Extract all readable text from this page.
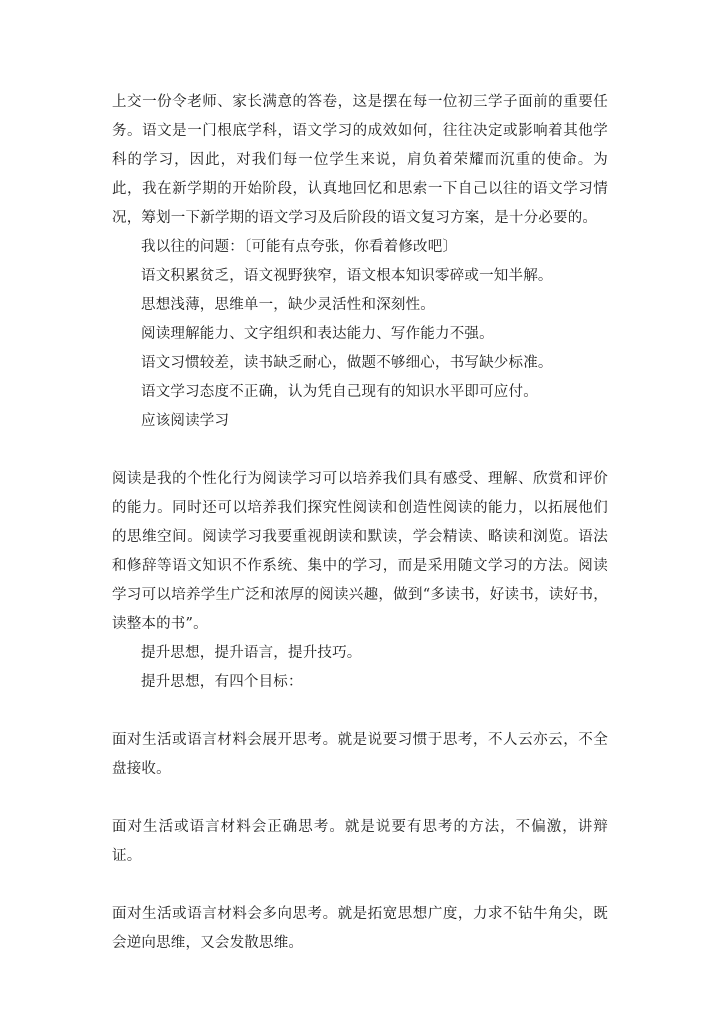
上交一份令老师、家长满意的答卷，这是摆在每一位初三学子面前的重要任务。语文是一门根底学科，语文学习的成效如何，往往决定或影响着其他学科的学习，因此，对我们每一位学生来说，肩负着荣耀而沉重的使命。为此，我在新学期的开始阶段，认真地回忆和思索一下自己以往的语文学习情况，筹划一下新学期的语文学习及后阶段的语文复习方案，是十分必要的。

我以往的问题：〔可能有点夸张，你看着修改吧〕

语文积累贫乏，语文视野狭窄，语文根本知识零碎或一知半解。

思想浅薄，思维单一，缺少灵活性和深刻性。

阅读理解能力、文字组织和表达能力、写作能力不强。

语文习惯较差，读书缺乏耐心，做题不够细心，书写缺少标准。

语文学习态度不正确，认为凭自己现有的知识水平即可应付。

应该阅读学习

阅读是我的个性化行为阅读学习可以培养我们具有感受、理解、欣赏和评价的能力。同时还可以培养我们探究性阅读和创造性阅读的能力，以拓展他们的思维空间。阅读学习我要重视朗读和默读，学会精读、略读和浏览。语法和修辞等语文知识不作系统、集中的学习，而是采用随文学习的方法。阅读学习可以培养学生广泛和浓厚的阅读兴趣，做到“多读书，好读书，读好书，读整本的书”。

提升思想，提升语言，提升技巧。

提升思想，有四个目标：

面对生活或语言材料会展开思考。就是说要习惯于思考，不人云亦云，不全盘接收。

面对生活或语言材料会正确思考。就是说要有思考的方法，不偏激，讲辩证。

面对生活或语言材料会多向思考。就是拓宽思想广度，力求不钻牛角尖，既会逆向思维，又会发散思维。
